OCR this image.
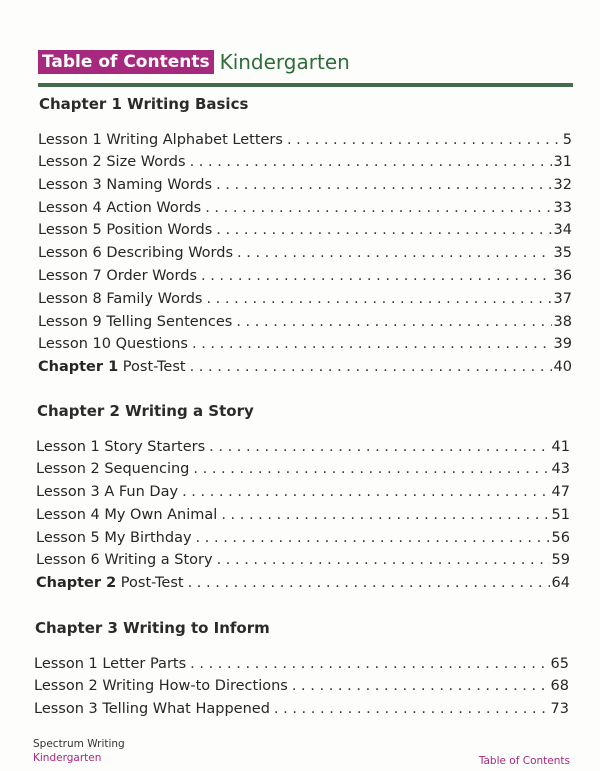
Table of Contents Kindergarten
Chapter 1 Writing Basics
Lesson 1 Writing Alphabet Letters . . .	5
Lesson 2 Size Words . . .	31
Lesson 3 Naming Words . . .	32
Lesson 4 Action Words . . .	33
Lesson 5 Position Words . . .	34
Lesson 6 Describing Words . . .	35
Lesson 7 Order Words . . .	36
Lesson 8 Family Words . . .	37
Lesson 9 Telling Sentences . . .	38
Lesson 10 Questions . . .	39
Chapter 1 Post-Test . . .	40
Chapter 2 Writing a Story
Lesson 1 Story Starters . . .	41
Lesson 2 Sequencing . . .	43
Lesson 3 A Fun Day . . .	47
Lesson 4 My Own Animal . . .	51
Lesson 5 My Birthday . . .	56
Lesson 6 Writing a Story . . .	59
Chapter 2 Post-Test . . .	64
Chapter 3 Writing to Inform
Lesson 1 Letter Parts . . .	65
Lesson 2 Writing How-to Directions . . .	68
Lesson 3 Telling What Happened . . .	73
Spectrum Writing
Kindergarten	Table of Contents
